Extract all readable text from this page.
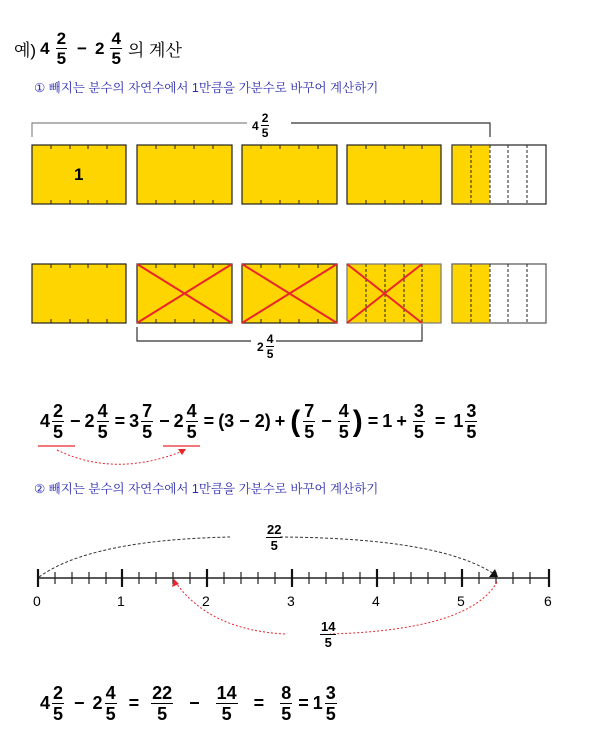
예) $4 \frac{2}{5} - 2 \frac{4}{5}$ 의 계산
① 빼지는 분수의 자연수에서 1만큼을 가분수로 바꾸어 계산하기
$4 \frac{2}{5}$
1
$2 \frac{4}{5}$
$4 \frac{2}{5} - 2 \frac{4}{5} = 3 \frac{7}{5} - 2 \frac{4}{5} = (3 - 2)$ + ( $\frac{7}{5} - \frac{4}{5}$ ) = $1 + \frac{3}{5} = 1 \frac{3}{5}$
② 빼지는 분수의 자연수에서 1만큼을 가분수로 바꾸어 계산하기
0	1	2	3	4	5	6
$\frac{22}{5}$
$\frac{14}{5}$
$4 \frac{2}{5} - 2 \frac{4}{5} = \frac{22}{5} - \frac{14}{5} = \frac{8}{5} = 1 \frac{3}{5}$
